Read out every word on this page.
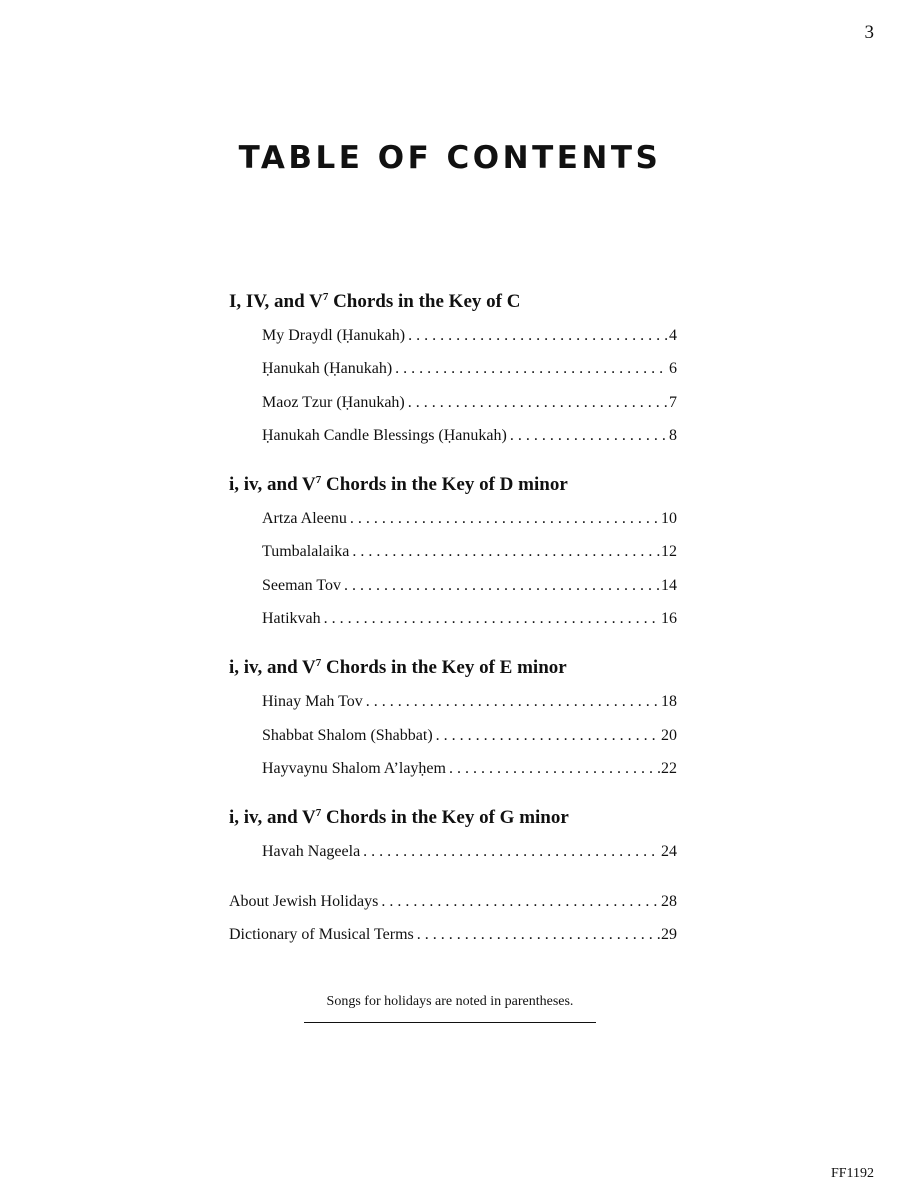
3
TABLE OF CONTENTS
I, IV, and $V^7$ Chords in the Key of C
My Draydl (Ḥanukah) . . .	4
Ḥanukah (Ḥanukah) . . .	6
Maoz Tzur (Ḥanukah) . . .	7
Ḥanukah Candle Blessings (Ḥanukah) . . .	8
i, iv, and $V^7$ Chords in the Key of D minor
Artza Aleenu . . .	10
Tumbalalaika . . .	12
Seeman Tov . . .	14
Hatikvah . . .	16
i, iv, and $V^7$ Chords in the Key of E minor
Hinay Mah Tov . . .	18
Shabbat Shalom (Shabbat) . . .	20
Hayvaynu Shalom A’layḥem . . .	22
i, iv, and $V^7$ Chords in the Key of G minor
Havah Nageela . . .	24
About Jewish Holidays . . .	28
Dictionary of Musical Terms . . .	29
Songs for holidays are noted in parentheses.
FF1192
